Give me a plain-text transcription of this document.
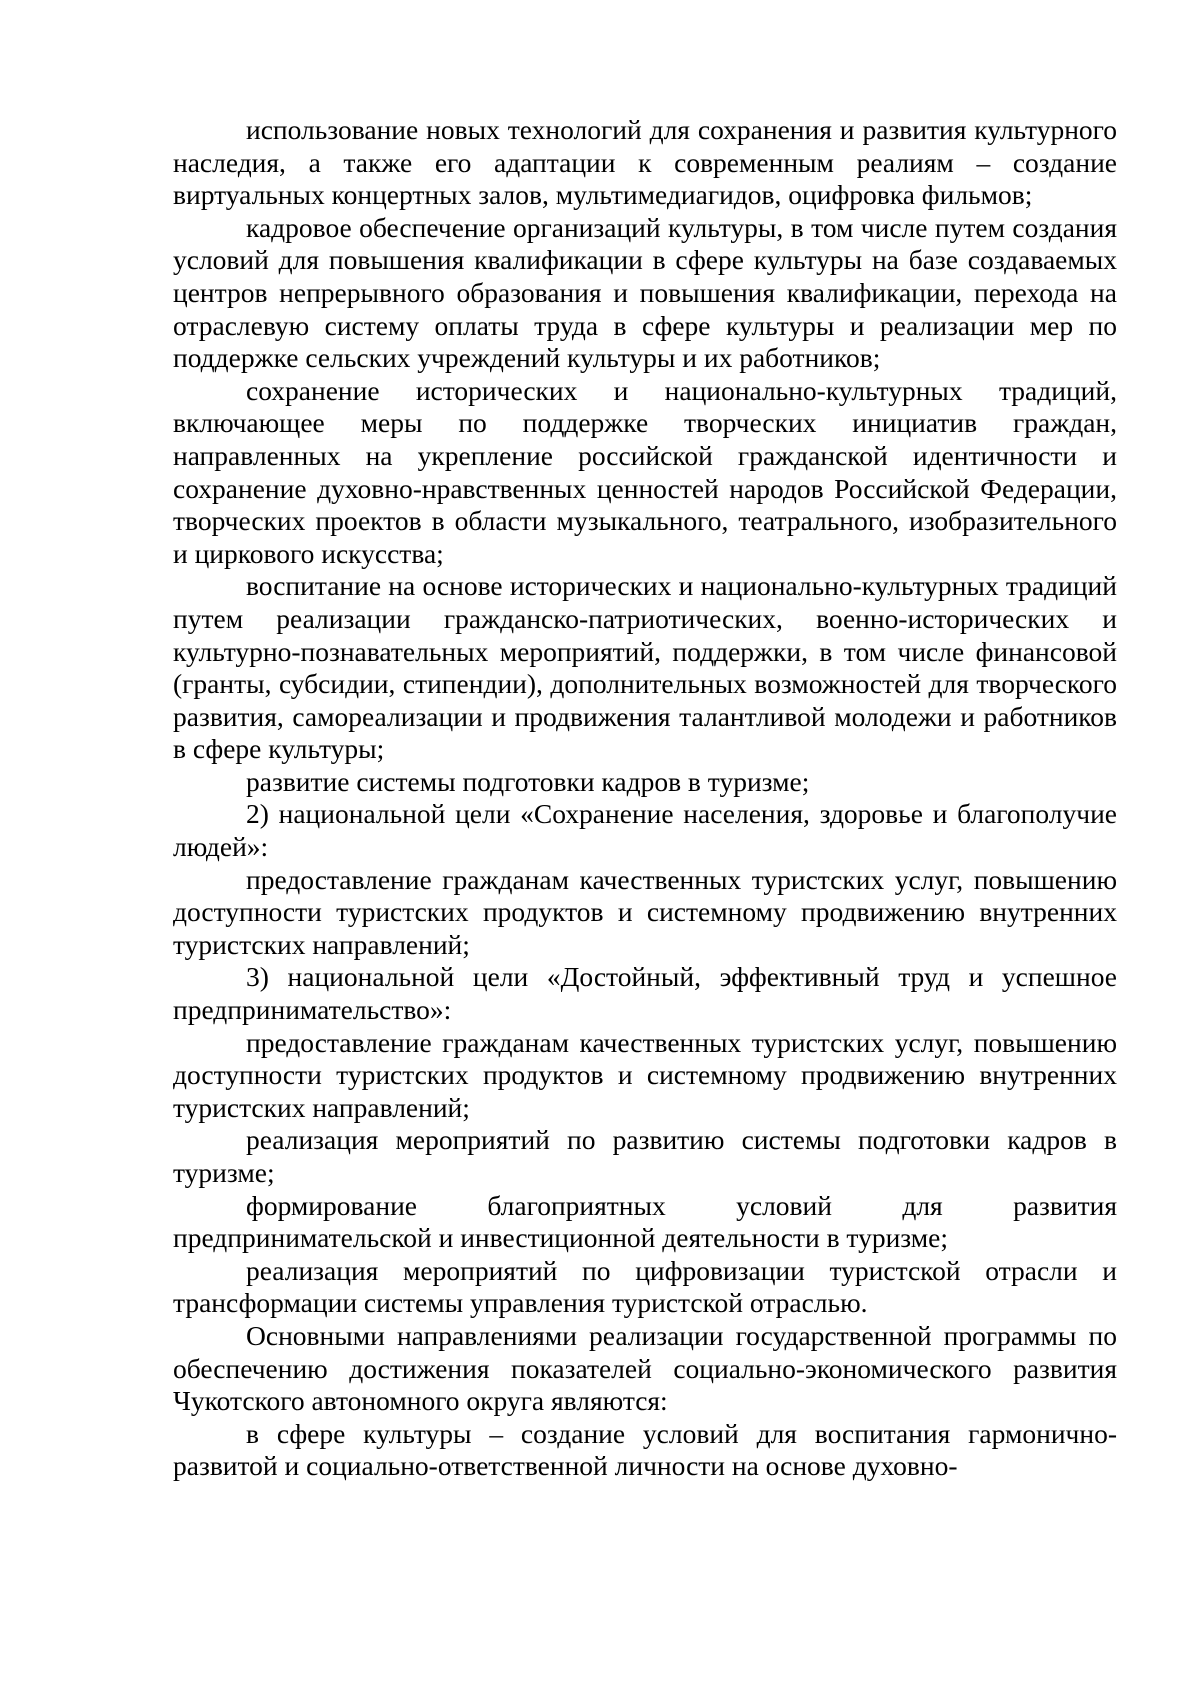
использование новых технологий для сохранения и развития культурного наследия, а также его адаптации к современным реалиям – создание виртуальных концертных залов, мультимедиагидов, оцифровка фильмов;

кадровое обеспечение организаций культуры, в том числе путем создания условий для повышения квалификации в сфере культуры на базе создаваемых центров непрерывного образования и повышения квалификации, перехода на отраслевую систему оплаты труда в сфере культуры и реализации мер по поддержке сельских учреждений культуры и их работников;

сохранение исторических и национально-культурных традиций, включающее меры по поддержке творческих инициатив граждан, направленных на укрепление российской гражданской идентичности и сохранение духовно-нравственных ценностей народов Российской Федерации, творческих проектов в области музыкального, театрального, изобразительного и циркового искусства;

воспитание на основе исторических и национально-культурных традиций путем реализации гражданско-патриотических, военно-исторических и культурно-познавательных мероприятий, поддержки, в том числе финансовой (гранты, субсидии, стипендии), дополнительных возможностей для творческого развития, самореализации и продвижения талантливой молодежи и работников в сфере культуры;

развитие системы подготовки кадров в туризме;

2) национальной цели «Сохранение населения, здоровье и благополучие людей»:

предоставление гражданам качественных туристских услуг, повышению доступности туристских продуктов и системному продвижению внутренних туристских направлений;

3) национальной цели «Достойный, эффективный труд и успешное предпринимательство»:

предоставление гражданам качественных туристских услуг, повышению доступности туристских продуктов и системному продвижению внутренних туристских направлений;

реализация мероприятий по развитию системы подготовки кадров в туризме;

формирование благоприятных условий для развития предпринимательской и инвестиционной деятельности в туризме;

реализация мероприятий по цифровизации туристской отрасли и трансформации системы управления туристской отраслью.

Основными направлениями реализации государственной программы по обеспечению достижения показателей социально-экономического развития Чукотского автономного округа являются:

в сфере культуры – создание условий для воспитания гармонично-развитой и социально-ответственной личности на основе духовно-
